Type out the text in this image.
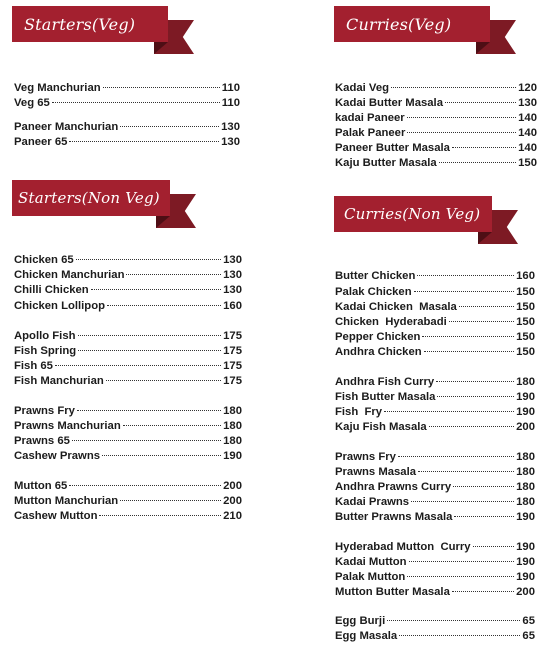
Starters(Veg)	Curries(Veg)
Starters(Non Veg)
Curries(Non Veg)
Veg Manchurian	110
Veg 65	110
Paneer Manchurian	130
Paneer 65	130
Chicken 65	130
Chicken Manchurian	130
Chilli Chicken	130
Chicken Lollipop	160
Apollo Fish	175
Fish Spring	175
Fish 65	175
Fish Manchurian	175
Prawns Fry	180
Prawns Manchurian	180
Prawns 65	180
Cashew Prawns	190
Mutton 65	200
Mutton Manchurian	200
Cashew Mutton	210
Kadai Veg	120
Kadai Butter Masala	130
kadai Paneer	140
Palak Paneer	140
Paneer Butter Masala	140
Kaju Butter Masala	150
Butter Chicken	160
Palak Chicken	150
Kadai Chicken  Masala	150
Chicken  Hyderabadi	150
Pepper Chicken	150
Andhra Chicken	150
Andhra Fish Curry	180
Fish Butter Masala	190
Fish  Fry	190
Kaju Fish Masala	200
Prawns Fry	180
Prawns Masala	180
Andhra Prawns Curry	180
Kadai Prawns	180
Butter Prawns Masala	190
Hyderabad Mutton  Curry	190
Kadai Mutton	190
Palak Mutton	190
Mutton Butter Masala	200
Egg Burji	65
Egg Masala	65
